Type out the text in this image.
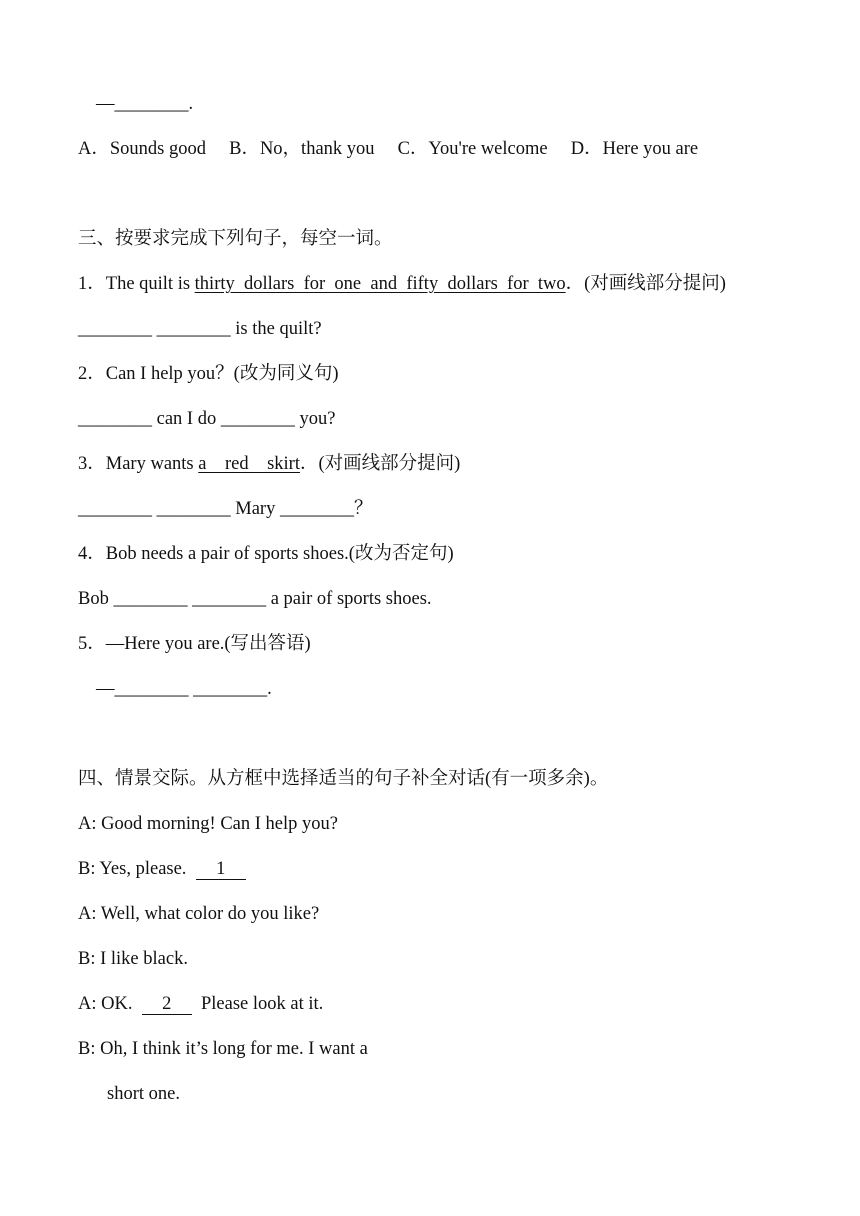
—________.
A．Sounds good　 B．No，thank you　 C．You're welcome　 D．Here you are
三、按要求完成下列句子，每空一词。
1．The quilt is thirty  dollars  for  one  and  fifty  dollars  for  two．(对画线部分提问)
________ ________ is the quilt?
2．Can I help you？(改为同义句)
________ can I do ________ you?
3．Mary wants a    red    skirt．(对画线部分提问)
________ ________ Mary ________？
4．Bob needs a pair of sports shoes.(改为否定句)
Bob ________ ________ a pair of sports shoes.
5．—Here you are.(写出答语)
—________ ________.
四、情景交际。从方框中选择适当的句子补全对话(有一项多余)。
A: Good morning! Can I help you?
B: Yes, please.  1
A: Well, what color do you like?
B: I like black.
A: OK.  2  Please look at it.
B: Oh, I think it’s long for me. I want a
short one.
